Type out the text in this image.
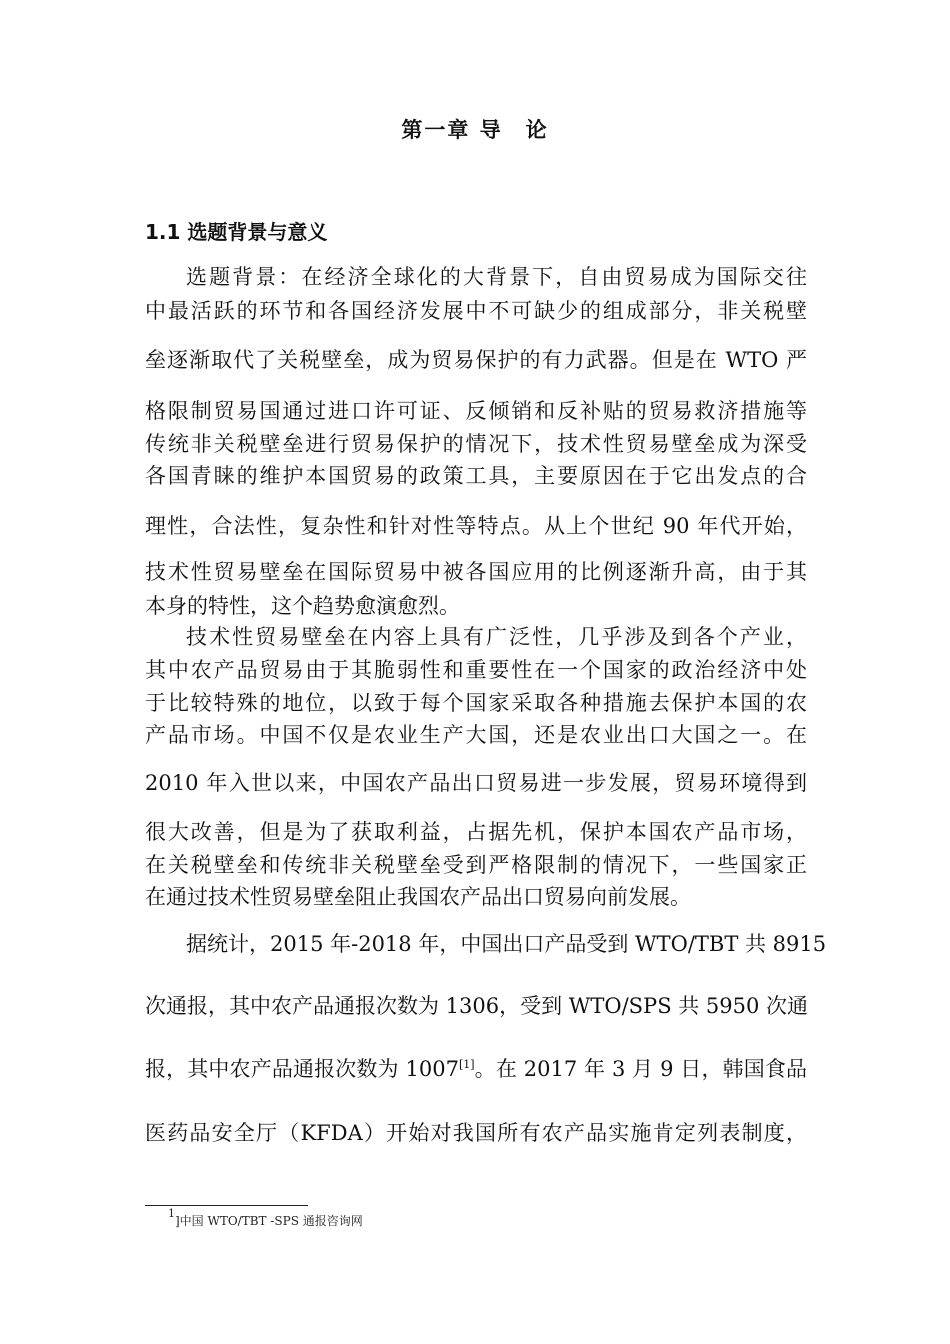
第一章 导　论
1.1 选题背景与意义
选题背景：在经济全球化的大背景下，自由贸易成为国际交往
中最活跃的环节和各国经济发展中不可缺少的组成部分，非关税壁
垒逐渐取代了关税壁垒，成为贸易保护的有力武器。但是在 WTO 严
格限制贸易国通过进口许可证、反倾销和反补贴的贸易救济措施等
传统非关税壁垒进行贸易保护的情况下，技术性贸易壁垒成为深受
各国青睐的维护本国贸易的政策工具，主要原因在于它出发点的合
理性，合法性，复杂性和针对性等特点。从上个世纪 90 年代开始，
技术性贸易壁垒在国际贸易中被各国应用的比例逐渐升高，由于其
本身的特性，这个趋势愈演愈烈。
技术性贸易壁垒在内容上具有广泛性，几乎涉及到各个产业，
其中农产品贸易由于其脆弱性和重要性在一个国家的政治经济中处
于比较特殊的地位，以致于每个国家采取各种措施去保护本国的农
产品市场。中国不仅是农业生产大国，还是农业出口大国之一。在
2010 年入世以来，中国农产品出口贸易进一步发展，贸易环境得到
很大改善，但是为了获取利益，占据先机，保护本国农产品市场，
在关税壁垒和传统非关税壁垒受到严格限制的情况下，一些国家正
在通过技术性贸易壁垒阻止我国农产品出口贸易向前发展。
据统计，2015 年-2018 年，中国出口产品受到 WTO/TBT 共 8915
次通报，其中农产品通报次数为 1306，受到 WTO/SPS 共 5950 次通
报，其中农产品通报次数为 1007[1]。在 2017 年 3 月 9 日，韩国食品
医药品安全厅（KFDA）开始对我国所有农产品实施肯定列表制度，
$^1$]中国 WTO/TBT -SPS 通报咨询网
